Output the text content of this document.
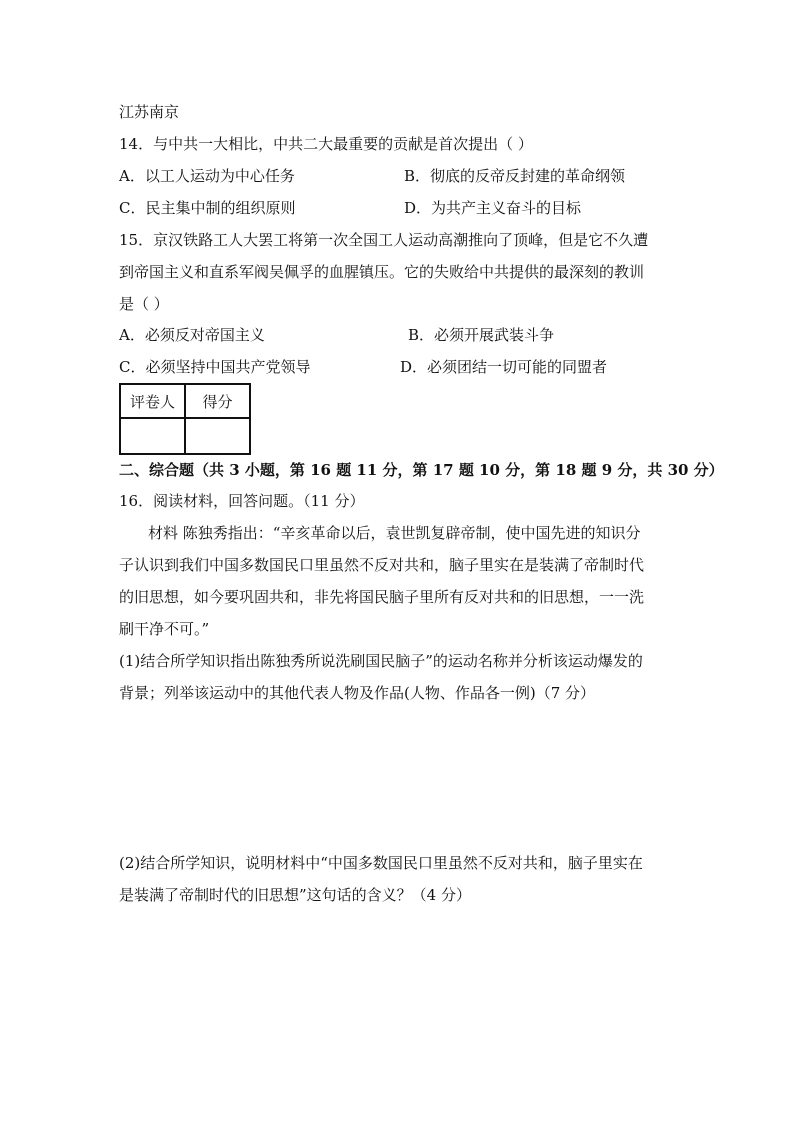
江苏南京
14．与中共一大相比，中共二大最重要的贡献是首次提出（ ）
A．以工人运动为中心任务	B．彻底的反帝反封建的革命纲领
C．民主集中制的组织原则	D．为共产主义奋斗的目标
15．京汉铁路工人大罢工将第一次全国工人运动高潮推向了顶峰，但是它不久遭
到帝国主义和直系军阀吴佩孚的血腥镇压。它的失败给中共提供的最深刻的教训
是（ ）
A．必须反对帝国主义	B．必须开展武装斗争
C．必须坚持中国共产党领导	D．必须团结一切可能的同盟者
评卷人	得分

二、综合题（共 3 小题，第 16 题 11 分，第 17 题 10 分，第 18 题 9 分，共 30 分）
16．阅读材料，回答问题。（11 分）
材料 陈独秀指出：“辛亥革命以后，袁世凯复辟帝制，使中国先进的知识分
子认识到我们中国多数国民口里虽然不反对共和，脑子里实在是装满了帝制时代
的旧思想，如今要巩固共和，非先将国民脑子里所有反对共和的旧思想，一一洗
刷干净不可。”
(1)结合所学知识指出陈独秀所说洗刷国民脑子”的运动名称并分析该运动爆发的
背景；列举该运动中的其他代表人物及作品(人物、作品各一例)（7 分）
(2)结合所学知识，说明材料中“中国多数国民口里虽然不反对共和，脑子里实在
是装满了帝制时代的旧思想”这句话的含义？（4 分）
